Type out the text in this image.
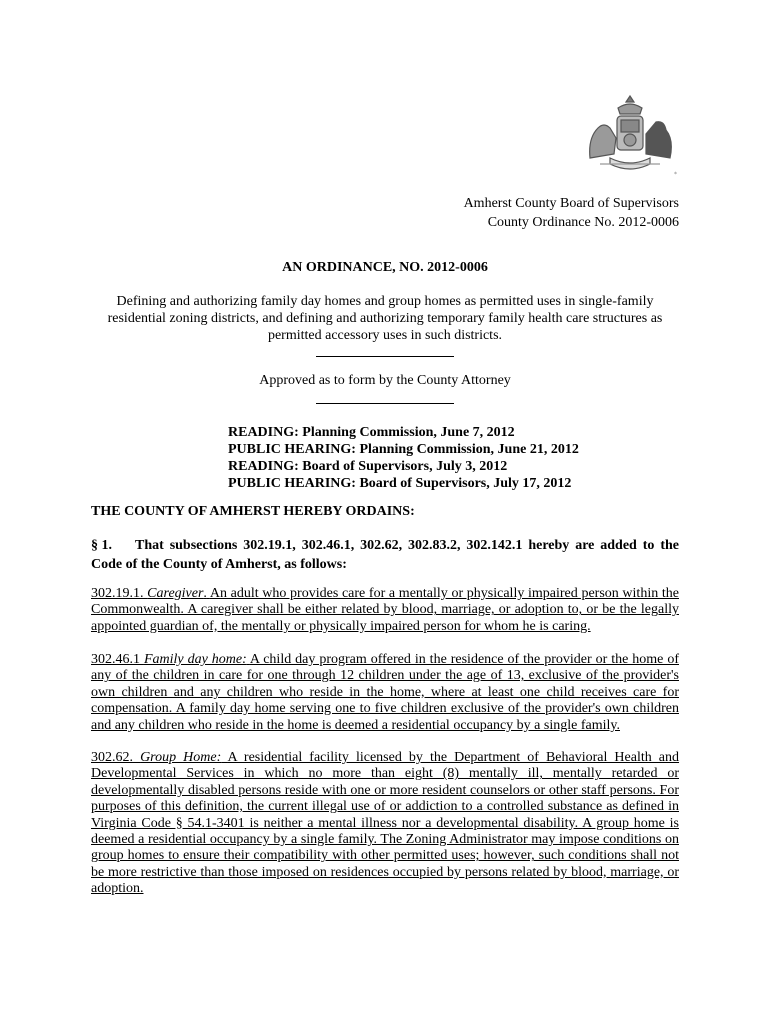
*
Amherst County Board of Supervisors
County Ordinance No. 2012-0006
AN ORDINANCE, NO. 2012-0006
Defining and authorizing family day homes and group homes as permitted uses in single-family residential zoning districts, and defining and authorizing temporary family health care structures as permitted accessory uses in such districts.
Approved as to form by the County Attorney
READING: Planning Commission, June 7, 2012
PUBLIC HEARING: Planning Commission, June 21, 2012
READING: Board of Supervisors, July 3, 2012
PUBLIC HEARING: Board of Supervisors, July 17, 2012
THE COUNTY OF AMHERST HEREBY ORDAINS:
§ 1. That subsections 302.19.1, 302.46.1, 302.62, 302.83.2, 302.142.1 hereby are added to the Code of the County of Amherst, as follows:
302.19.1. Caregiver. An adult who provides care for a mentally or physically impaired person within the Commonwealth. A caregiver shall be either related by blood, marriage, or adoption to, or be the legally appointed guardian of, the mentally or physically impaired person for whom he is caring.
302.46.1 Family day home: A child day program offered in the residence of the provider or the home of any of the children in care for one through 12 children under the age of 13, exclusive of the provider's own children and any children who reside in the home, where at least one child receives care for compensation. A family day home serving one to five children exclusive of the provider's own children and any children who reside in the home is deemed a residential occupancy by a single family.
302.62. Group Home: A residential facility licensed by the Department of Behavioral Health and Developmental Services in which no more than eight (8) mentally ill, mentally retarded or developmentally disabled persons reside with one or more resident counselors or other staff persons. For purposes of this definition, the current illegal use of or addiction to a controlled substance as defined in Virginia Code § 54.1-3401 is neither a mental illness nor a developmental disability. A group home is deemed a residential occupancy by a single family. The Zoning Administrator may impose conditions on group homes to ensure their compatibility with other permitted uses; however, such conditions shall not be more restrictive than those imposed on residences occupied by persons related by blood, marriage, or adoption.
